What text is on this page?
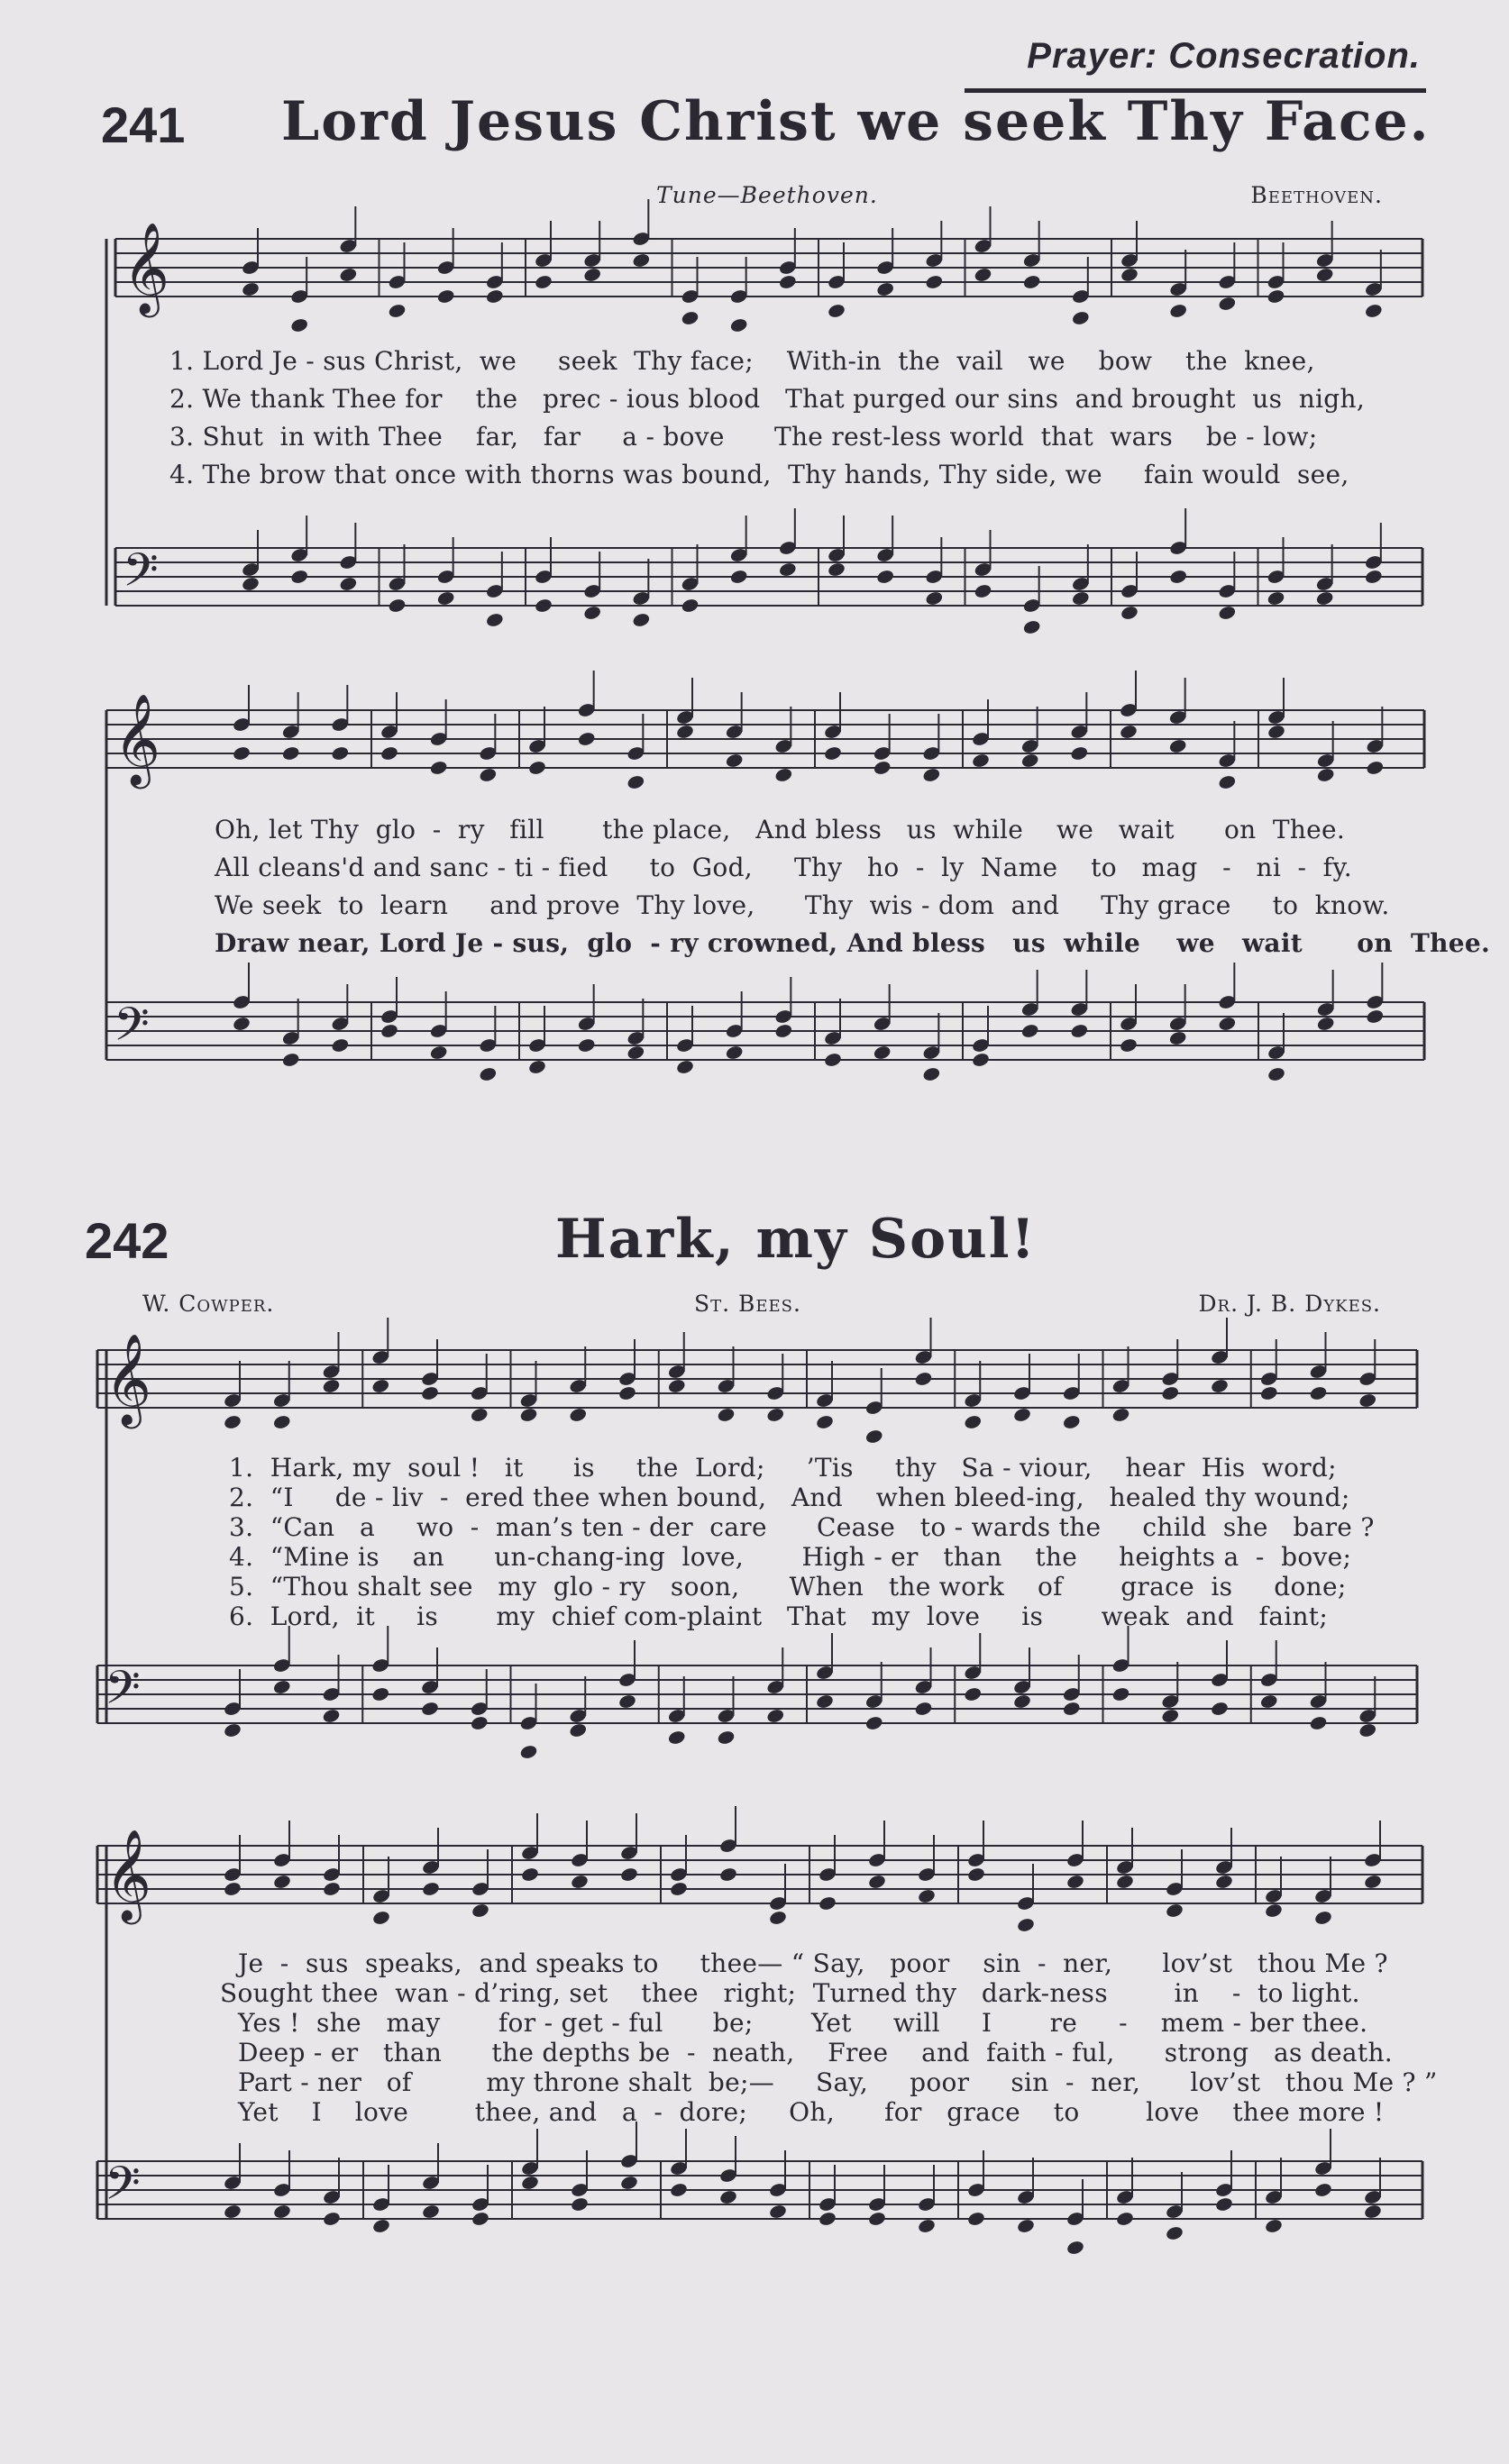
Prayer: Consecration.
241 Lord Jesus Christ we seek Thy Face.
Tune—Beethoven.	Beethoven.
242	Hark, my Soul!
W. Cowper.	St. Bees.	Dr. J. B. Dykes.
𝄞
𝄢
𝄞
𝄢
𝄞
𝄢
𝄞
𝄢
1. Lord Je - sus Christ,  we     seek  Thy face;    With-in  the  vail   we    bow    the  knee,
2. We thank Thee for    the   prec - ious blood   That purged our sins  and brought  us  nigh,
3. Shut  in with Thee    far,   far     a - bove      The rest-less world  that  wars    be - low;
4. The brow that once with thorns was bound,  Thy hands, Thy side, we     fain would  see,
Oh, let Thy  glo  -  ry   fill       the place,   And bless   us  while    we   wait      on  Thee.
All cleans'd and sanc - ti - fied     to  God,     Thy   ho  -  ly  Name    to   mag   -   ni  -  fy.
We seek  to  learn     and prove  Thy love,      Thy  wis - dom  and     Thy grace     to  know.
Draw near, Lord Je - sus,  glo  - ry crowned, And bless   us  while    we   wait      on  Thee.
1.  Hark, my  soul !   it      is     the  Lord;     ’Tis     thy   Sa - viour,    hear  His  word;
2.  “I     de - liv  -  ered thee when bound,   And    when bleed-ing,   healed thy wound;
3.  “Can   a     wo  -  man’s ten - der  care      Cease   to - wards the     child  she   bare ?
4.  “Mine is    an      un-chang-ing  love,       High - er   than    the     heights a  -  bove;
5.  “Thou shalt see   my  glo - ry   soon,      When   the work    of       grace  is     done;
6.  Lord,  it     is       my  chief com-plaint   That   my  love     is       weak  and   faint;
Je  -  sus  speaks,  and speaks to     thee— “ Say,   poor    sin  -  ner,      lov’st   thou Me ?
Sought thee  wan - d’ring, set    thee   right;  Turned thy   dark-ness        in    -  to light.
Yes !  she   may       for - get - ful      be;       Yet     will     I       re     -    mem - ber thee.
Deep - er   than      the depths be  -  neath,    Free    and  faith - ful,      strong   as death.
Part - ner   of         my throne shalt  be;—     Say,     poor     sin  -  ner,      lov’st   thou Me ? ”
Yet    I    love        thee, and   a  -  dore;     Oh,      for   grace    to        love    thee more !
